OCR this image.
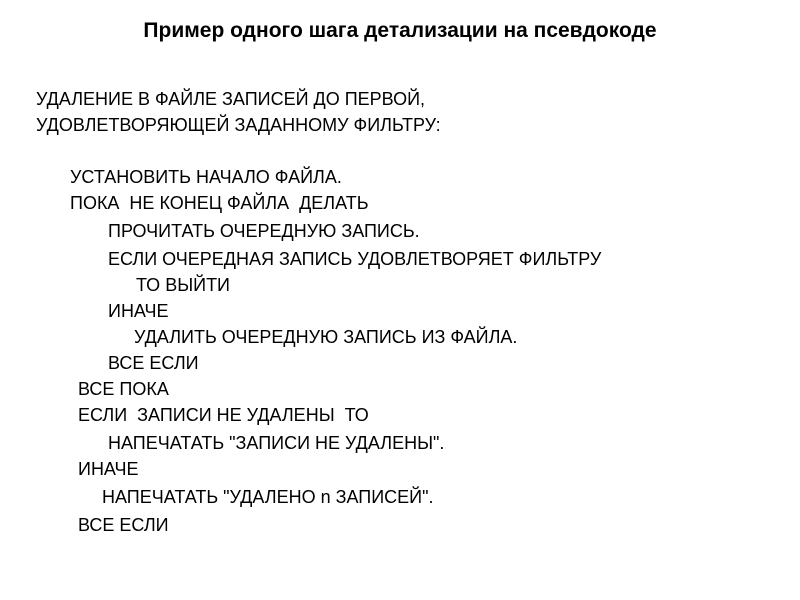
Пример одного шага детализации на псевдокоде
УДАЛЕНИЕ В ФАЙЛЕ ЗАПИСЕЙ ДО ПЕРВОЙ,
УДОВЛЕТВОРЯЮЩЕЙ ЗАДАННОМУ ФИЛЬТРУ:
УСТАНОВИТЬ НАЧАЛО ФАЙЛА.
ПОКА  НЕ КОНЕЦ ФАЙЛА  ДЕЛАТЬ
ПРОЧИТАТЬ ОЧЕРЕДНУЮ ЗАПИСЬ.
ЕСЛИ ОЧЕРЕДНАЯ ЗАПИСЬ УДОВЛЕТВОРЯЕТ ФИЛЬТРУ
ТО ВЫЙТИ
ИНАЧЕ
УДАЛИТЬ ОЧЕРЕДНУЮ ЗАПИСЬ ИЗ ФАЙЛА.
ВСЕ ЕСЛИ
ВСЕ ПОКА
ЕСЛИ  ЗАПИСИ НЕ УДАЛЕНЫ  ТО
НАПЕЧАТАТЬ "ЗАПИСИ НЕ УДАЛЕНЫ".
ИНАЧЕ
НАПЕЧАТАТЬ "УДАЛЕНО n ЗАПИСЕЙ".
ВСЕ ЕСЛИ
